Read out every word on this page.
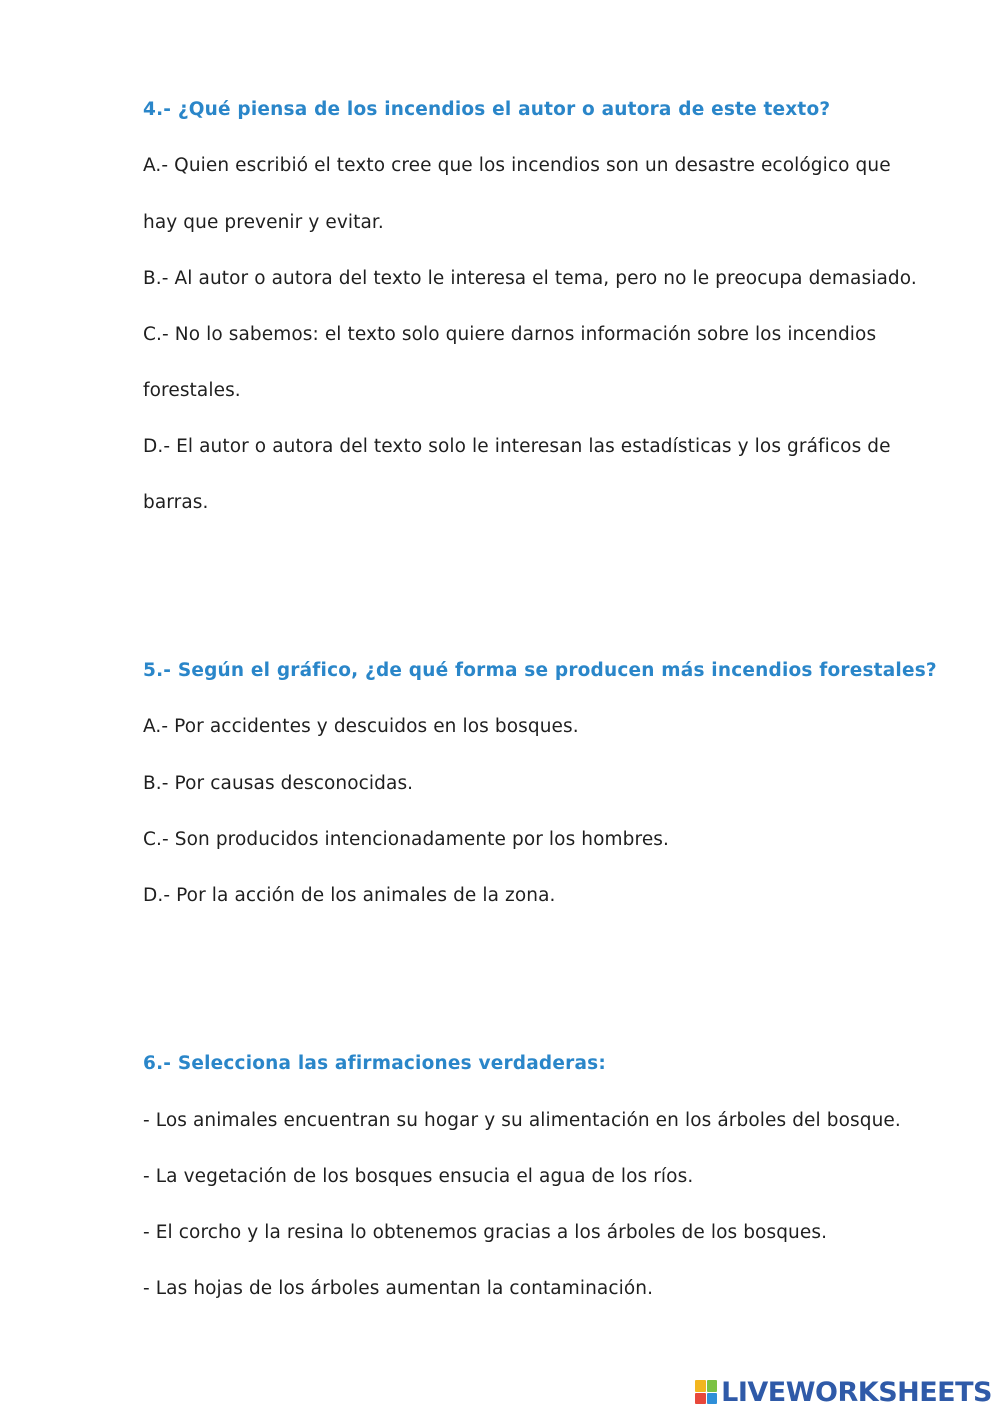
4.- ¿Qué piensa de los incendios el autor o autora de este texto?
A.- Quien escribió el texto cree que los incendios son un desastre ecológico que
hay que prevenir y evitar.
B.- Al autor o autora del texto le interesa el tema, pero no le preocupa demasiado.
C.- No lo sabemos: el texto solo quiere darnos información sobre los incendios
forestales.
D.- El autor o autora del texto solo le interesan las estadísticas y los gráficos de
barras.
5.- Según el gráfico, ¿de qué forma se producen más incendios forestales?
A.- Por accidentes y descuidos en los bosques.
B.- Por causas desconocidas.
C.- Son producidos intencionadamente por los hombres.
D.- Por la acción de los animales de la zona.
6.- Selecciona las afirmaciones verdaderas:
- Los animales encuentran su hogar y su alimentación en los árboles del bosque.
- La vegetación de los bosques ensucia el agua de los ríos.
- El corcho y la resina lo obtenemos gracias a los árboles de los bosques.
- Las hojas de los árboles aumentan la contaminación.
LIVEWORKSHEETS
